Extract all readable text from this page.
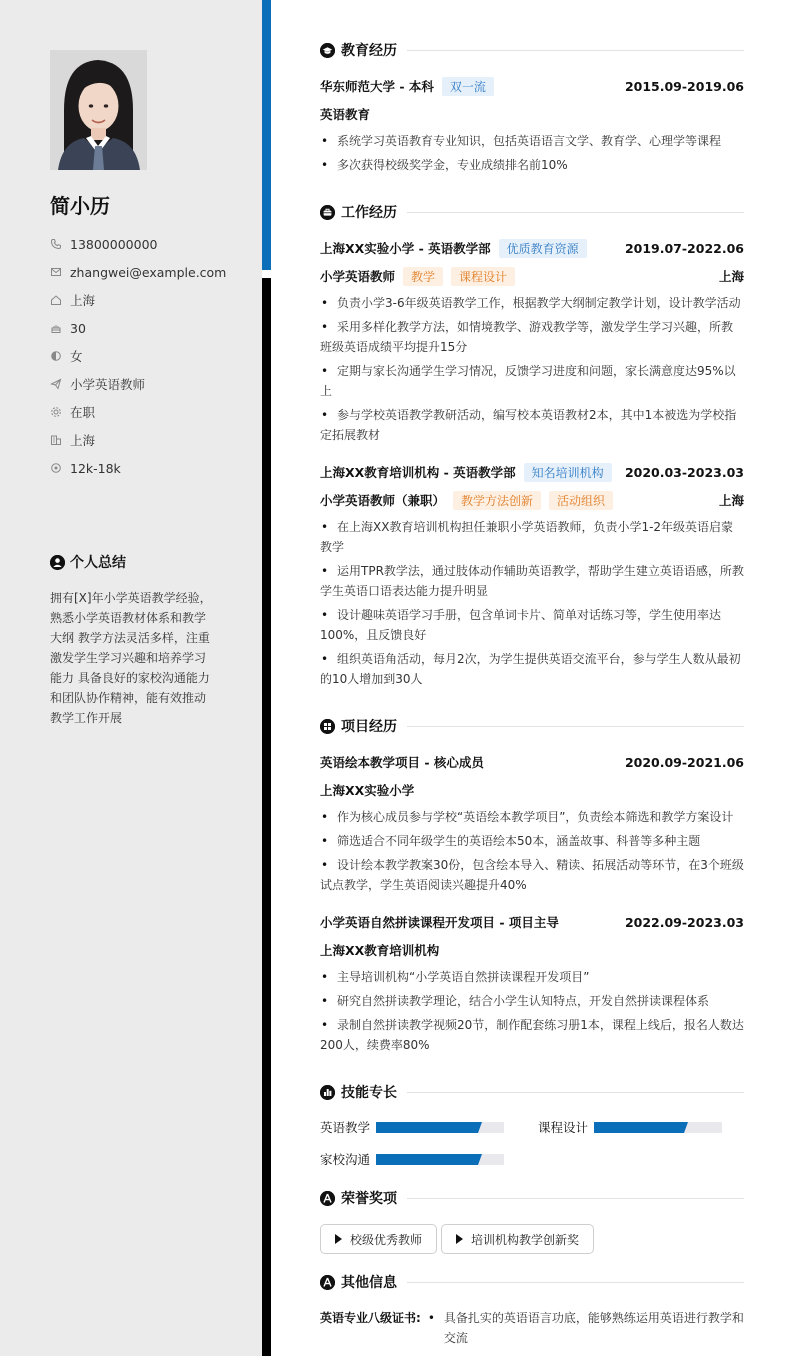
简小历
13800000000
zhangwei@example.com
上海
30
女
小学英语教师
在职
上海
12k-18k
个人总结
拥有[X]年小学英语教学经验，熟悉小学英语教材体系和教学大纲 教学方法灵活多样，注重激发学生学习兴趣和培养学习能力 具备良好的家校沟通能力和团队协作精神，能有效推动教学工作开展
教育经历
华东师范大学 - 本科	双一流	2015.09-2019.06
英语教育
• 系统学习英语教育专业知识，包括英语语言文学、教育学、心理学等课程
• 多次获得校级奖学金，专业成绩排名前10%
工作经历
上海XX实验小学 - 英语教学部	优质教育资源	2019.07-2022.06
小学英语教师	教学	课程设计	上海
• 负责小学3-6年级英语教学工作，根据教学大纲制定教学计划，设计教学活动
• 采用多样化教学方法，如情境教学、游戏教学等，激发学生学习兴趣，所教班级英语成绩平均提升15分
• 定期与家长沟通学生学习情况，反馈学习进度和问题，家长满意度达95%以上
• 参与学校英语教学教研活动，编写校本英语教材2本，其中1本被选为学校指定拓展教材
上海XX教育培训机构 - 英语教学部	知名培训机构	2020.03-2023.03
小学英语教师（兼职）	教学方法创新	活动组织	上海
• 在上海XX教育培训机构担任兼职小学英语教师，负责小学1-2年级英语启蒙教学
• 运用TPR教学法，通过肢体动作辅助英语教学，帮助学生建立英语语感，所教学生英语口语表达能力提升明显
• 设计趣味英语学习手册，包含单词卡片、简单对话练习等，学生使用率达100%，且反馈良好
• 组织英语角活动，每月2次，为学生提供英语交流平台，参与学生人数从最初的10人增加到30人
项目经历
英语绘本教学项目 - 核心成员	2020.09-2021.06
上海XX实验小学
• 作为核心成员参与学校“英语绘本教学项目”，负责绘本筛选和教学方案设计
• 筛选适合不同年级学生的英语绘本50本，涵盖故事、科普等多种主题
• 设计绘本教学教案30份，包含绘本导入、精读、拓展活动等环节，在3个班级试点教学，学生英语阅读兴趣提升40%
小学英语自然拼读课程开发项目 - 项目主导	2022.09-2023.03
上海XX教育培训机构
• 主导培训机构“小学英语自然拼读课程开发项目”
• 研究自然拼读教学理论，结合小学生认知特点，开发自然拼读课程体系
• 录制自然拼读教学视频20节，制作配套练习册1本，课程上线后，报名人数达200人，续费率80%
技能专长
英语教学	课程设计
家校沟通
荣誉奖项
校级优秀教师	培训机构教学创新奖
其他信息
英语专业八级证书:
•	具备扎实的英语语言功底，能够熟练运用英语进行教学和交流
